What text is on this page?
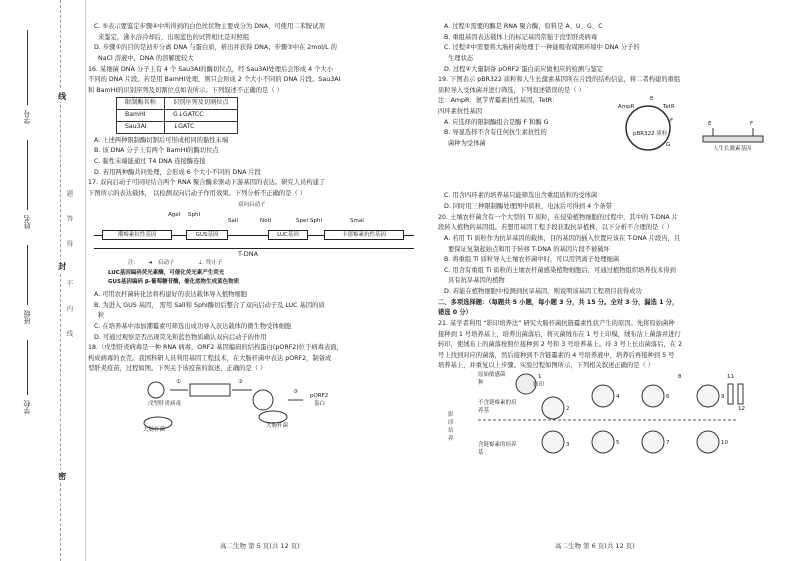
学校
班级
姓名
学号
线
封
密
线
内
不
得
答
题
C. ⑤表示要鉴定步骤④中所得到的白色丝状物主要成分为 DNA，可使用二苯胺试剂
来鉴定，沸水浴冷却后，出现蓝色的试管相比是对照组
D. 步骤①的目的是初步分离 DNA 与蛋白质，析出并获得 DNA；步骤③中在 2mol/L 的
NaCl 溶液中，DNA 的溶解度较大
16. 某细菌 DNA 分子上有 4 个 Sau3AⅠ的酶切位点，经 Sau3AⅠ处理后会形成 4 个大小
不同的 DNA 片段。若是用 BamHⅠ处理，则只会形成 2 个大小不同的 DNA 片段。Sau3AⅠ
和 BamHⅠ的识别序列及切割位点如表所示。下列叙述不正确的是（ ）
限制酶名称	识别序列及切割位点
BamHⅠ	G↓GATCC
Sau3AⅠ	↓GATC
A. 上述两种限制酶切割后可形成相同的黏性末端
B. 该 DNA 分子上有两个 BamHⅠ的酶切位点
C. 黏性末端能通过 T4 DNA 连接酶连接
D. 若用两种酶共同处理，会形成 6 个大小不同的 DNA 片段
17. 双向启动子可同时结合两个 RNA 聚合酶来驱动下游基因的表达。研究人员构建了
下图所示的表达载体， 以检测双向启动子作用效果。下列分析不正确的是（ ）
双向启动子
AgeⅠ SphⅠ
SalⅠ	NotⅠ	SpeⅠ SphⅠ	SmaⅠ
潮霉素抗性基因	GUS基因	LUC基因	卡那霉素抗性基因
T-DNA
注： ➜ 启动子	⊥ 终止子
LUC基因编码荧光素酶，可催化荧光素产生荧光
GUS基因编码 β-葡萄糖苷酶，催化底物生成蓝色物质
A. 可用农杆菌转化法将构建好的表达载体导入植物细胞
B. 为进入 GUS 基因， 需用 SalⅠ和 SphⅠ酶切后整合了双向启动子及 LUC 基因的质
粒
C. 在培养基中添加潮霉素可筛选出成功导入表达载体的微生物受体细胞
D. 可通过观察是否出现荧光和蓝色物质确认双向启动子的作用
18.（戊型肝炎病毒是一种 RNA 病毒，ORF2 基因编码的结构蛋白(pORF2)位于病毒表面，
构成病毒的衣壳。我国科研人员利用基因工程技术，在大肠杆菌中表达 pORF2，制备成
型肝炎疫苗，过程如图。下列关于该疫苗的叙述，正确的是（ ）
戊型肝炎病毒
大肠杆菌
①	②
③
大肠杆菌
pORF2
蛋白
高二生物 第 5 页(共 12 页)
A. 过程①需要的酶是 RNA 聚合酶，原料是 A、U、G、C
B. 重组基因表达载体上的标记基因常强于没型肝炎病毒
C. 过程②中需要将大肠杆菌处理于一种能吸收周围环境中 DNA 分子的
生理状态
D. 过程④大量制备 pORF2 蛋白前应做相应的检测与鉴定
19. 下图表示 pBR322 质粒和人生长激素基因所在片段的结构信息，将二者构建的重组
质粒导入受体菌并进行筛选，下列叙述错误的是（ ）
注：AmpR：氨苄青霉素抗性基因，TetR：
四环素抗性基因
A. 应选择的限制酶组合是酶 F 和酶 G
B. 导显选择不含有任何抗生素抗性的
菌种为受体菌
pBR322 质粒
AmpR	TetR
E
F
G
E	F
人生长激素基因
C. 用含四环素的培养基只能筛选出含重组质粒的受体菌
D. 同时用三种限制酶处理图中质粒，电泳后可得到 4 个条带
20. 土壤农杆菌含有一个大型的 Ti 质粒，在侵染植物细胞的过程中，其中的 T-DNA 片
段转入植物的基因组。若想用基因工程手段获取抗旱植株，以下分析不合理的是（ ）
A. 若用 Ti 质粒作为抗旱基因的载体，目的基因的插入位置应该在 T-DNA 片段内，且
要保证复制起始点和用于转移 T-DNA 的基因片段不被破坏
B. 将重组 Ti 质粒导入土壤农杆菌中时，可以用钙离子处理细菌
C. 用含有重组 Ti 质粒的土壤农杆菌感染植物细胞后，可通过植物组织培养技术得到
具有抗旱基因的植物
D. 若能在植物细胞中检测到抗旱基因，则说明该基因工程项目获得成功
二、多项选择题：（每题共 5 小题，每小题 3 分，共 15 分。全对 3 分，漏选 1 分，
错选 0 分）
21. 某学者利用 “影印培养法” 研究大肠杆菌抗链霉素性状产生的原因。先将原始菌种
接种到 1 号培养基上，培养出菌落后，将灭菌绒布在 1 号上印模，绒布沾上菌落并进行
转印，使绒布上的菌落按照位接种到 2 号和 3 号培养基上。待 3 号上长出菌落后，在 2
号上找到对应的菌落，然后接种到不含链霉素的 4 号培养液中，培养后再接种到 5 号
培养基上，并重复以上步骤。实验过程如图所示，下列相关叙述正确的是（ ）
原始敏感菌种
不含链霉素的培养基
影印培养
含链霉素的培养基
影印
1
2
3
4
5
6
7
8
9
10
11
12
高二生物 第 6 页(共 12 页)
